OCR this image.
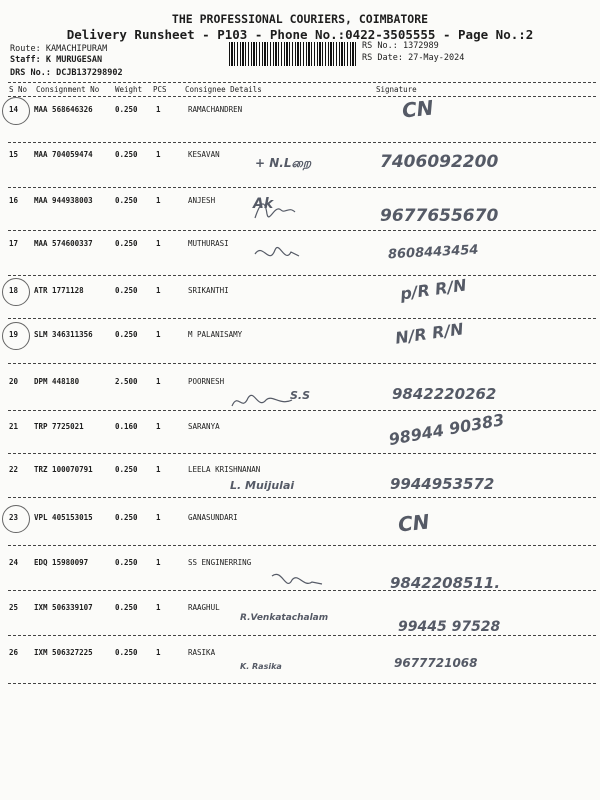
THE PROFESSIONAL COURIERS, COIMBATORE
Delivery Runsheet - P103 - Phone No.:0422-3505555 - Page No.:2
Route: KAMACHIPURAM
Staff: K MURUGESAN
DRS No.: DCJB137298902
RS No.: 1372989
RS Date: 27-May-2024
S No Consignment No Weight PCS Consignee Details	Signature
14 MAA 568646326	0.250 1	RAMACHANDREN	CN
15 MAA 704059474	0.250 1	KESAVAN
+ N.Lறை	7406092200
16 MAA 944938003	0.250 1	ANJESH	Ak
9677655670
17 MAA 574600337	0.250 1	MUTHURASI	8608443454
18 ATR 1771128	0.250 1	SRIKANTHI	p/R R/N
19 SLM 346311356	0.250 1	M PALANISAMY	N/R R/N
20 DPM 448180	2.500 1	POORNESH
S.S	9842220262
21 TRP 7725021	0.160 1	SARANYA	98944 90383
22 TRZ 100070791	0.250 1	LEELA KRISHNANAN
L. Muijulai	9944953572
23 VPL 405153015	0.250 1	GANASUNDARI	CN
24 EDQ 15980097	0.250 1	SS ENGINERRING
9842208511.
25 IXM 506339107	0.250 1	RAAGHUL
R.Venkatachalam
99445 97528
26 IXM 506327225	0.250 1	RASIKA
K. Rasika	9677721068
